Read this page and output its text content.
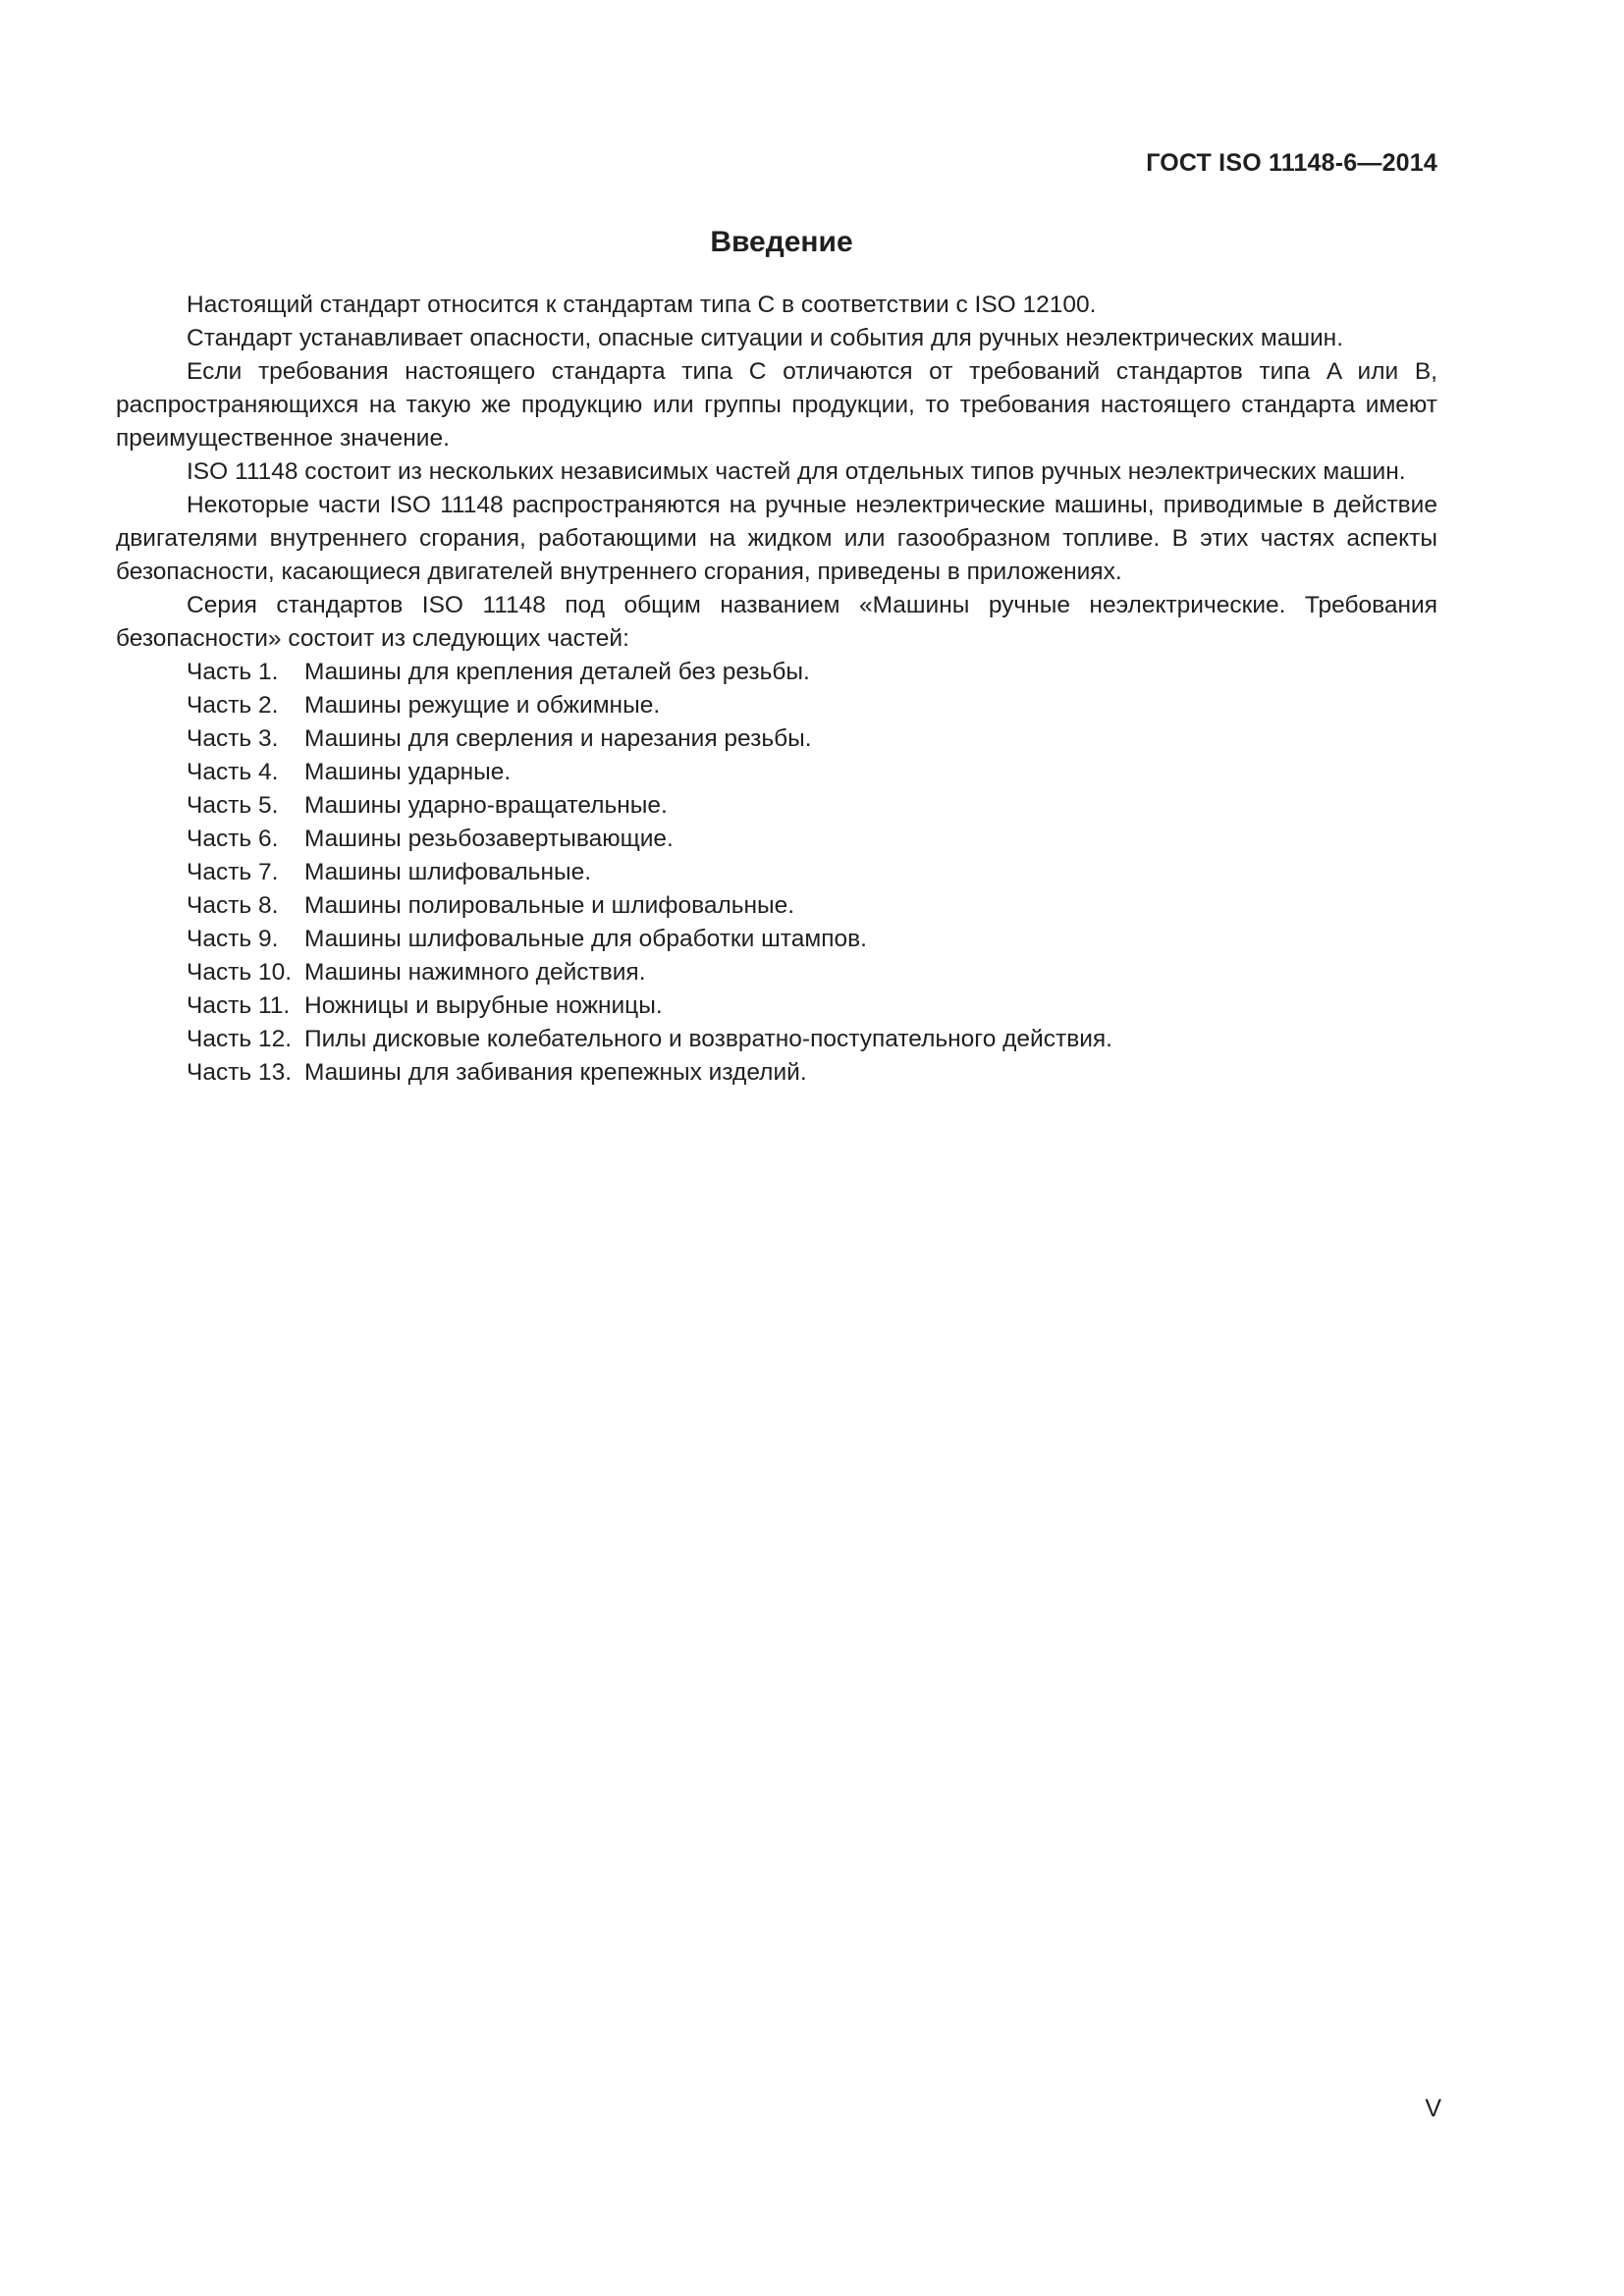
ГОСТ ISO 11148-6—2014
Введение

Настоящий стандарт относится к стандартам типа C в соответствии с ISO 12100.

Стандарт устанавливает опасности, опасные ситуации и события для ручных неэлектрических машин.

Если требования настоящего стандарта типа C отличаются от требований стандартов типа A или B, распространяющихся на такую же продукцию или группы продукции, то требования настоящего стандарта имеют преимущественное значение.

ISO 11148 состоит из нескольких независимых частей для отдельных типов ручных неэлектрических машин.

Некоторые части ISO 11148 распространяются на ручные неэлектрические машины, приводимые в действие двигателями внутреннего сгорания, работающими на жидком или газообразном топливе. В этих частях аспекты безопасности, касающиеся двигателей внутреннего сгорания, приведены в приложениях.

Серия стандартов ISO 11148 под общим названием «Машины ручные неэлектрические. Требования безопасности» состоит из следующих частей:

Часть 1. Машины для крепления деталей без резьбы.
Часть 2. Машины режущие и обжимные.
Часть 3. Машины для сверления и нарезания резьбы.
Часть 4. Машины ударные.
Часть 5. Машины ударно-вращательные.
Часть 6. Машины резьбозавертывающие.
Часть 7. Машины шлифовальные.
Часть 8. Машины полировальные и шлифовальные.
Часть 9. Машины шлифовальные для обработки штампов.
Часть 10. Машины нажимного действия.
Часть 11. Ножницы и вырубные ножницы.
Часть 12. Пилы дисковые колебательного и возвратно-поступательного действия.
Часть 13. Машины для забивания крепежных изделий.
V
